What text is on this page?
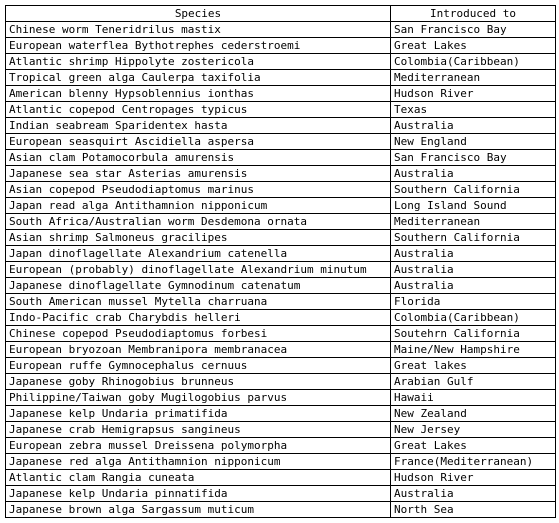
Species	Introduced to
Chinese worm Teneridrilus mastix	San Francisco Bay
European waterflea Bythotrephes cederstroemi	Great Lakes
Atlantic shrimp Hippolyte zostericola	Colombia(Caribbean)
Tropical green alga Caulerpa taxifolia	Mediterranean
American blenny Hypsoblennius ionthas	Hudson River
Atlantic copepod Centropages typicus	Texas
Indian seabream Sparidentex hasta	Australia
European seasquirt Ascidiella aspersa	New England
Asian clam Potamocorbula amurensis	San Francisco Bay
Japanese sea star Asterias amurensis	Australia
Asian copepod Pseudodiaptomus marinus	Southern California
Japan read alga Antithamnion nipponicum	Long Island Sound
South Africa/Australian worm Desdemona ornata	Mediterranean
Asian shrimp Salmoneus gracilipes	Southern California
Japan dinoflagellate Alexandrium catenella	Australia
European (probably) dinoflagellate Alexandrium minutum	Australia
Japanese dinoflagellate Gymnodinum catenatum	Australia
South American mussel Mytella charruana	Florida
Indo-Pacific crab Charybdis helleri	Colombia(Caribbean)
Chinese copepod Pseudodiaptomus forbesi	Soutehrn California
European bryozoan Membranipora membranacea	Maine/New Hampshire
European ruffe Gymnocephalus cernuus	Great lakes
Japanese goby Rhinogobius brunneus	Arabian Gulf
Philippine/Taiwan goby Mugilogobius parvus	Hawaii
Japanese kelp Undaria primatifida	New Zealand
Japanese crab Hemigrapsus sangineus	New Jersey
European zebra mussel Dreissena polymorpha	Great Lakes
Japanese red alga Antithamnion nipponicum	France(Mediterranean)
Atlantic clam Rangia cuneata	Hudson River
Japanese kelp Undaria pinnatifida	Australia
Japanese brown alga Sargassum muticum	North Sea
